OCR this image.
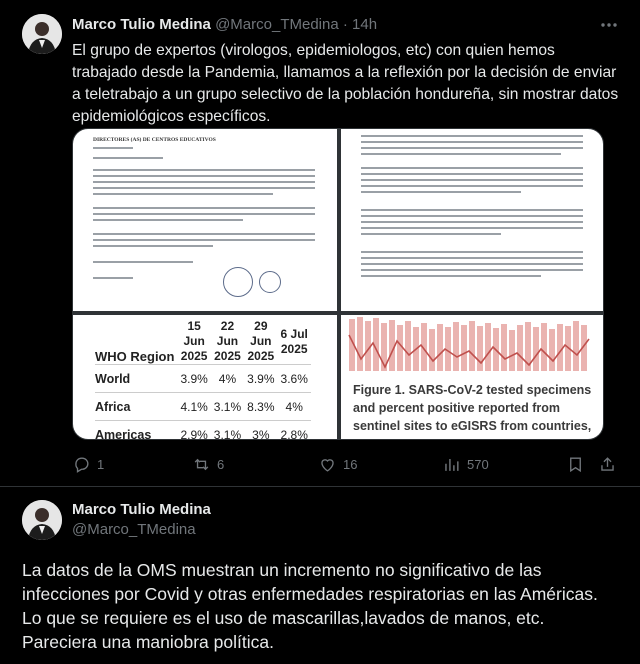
Marco Tulio Medina @Marco_TMedina · 14h
El grupo de expertos (virologos, epidemiologos, etc) con quien hemos trabajado desde la Pandemia, llamamos a la reflexión por la decisión de enviar a teletrabajo a un grupo selectivo de la población hondureña, sin mostrar datos epidemiológicos específicos.
DIRECTORES (AS) DE CENTROS EDUCATIVOS
WHO Region	15
Jun
2025	22
Jun
2025	29
Jun
2025	6 Jul
2025
World	3.9%	4%	3.9%	3.6%
Africa	4.1%	3.1%	8.3%	4%
Americas	2.9%	3.1%	3%	2.8%

Figure 1. SARS-CoV-2 tested specimens and percent positive reported from sentinel sites to eGISRS from countries,
1	6	16	570
Marco Tulio Medina
@Marco_TMedina
La datos de la OMS muestran un incremento no significativo de las infecciones por Covid y otras enfermedades respiratorias en las Américas. Lo que se requiere es el uso de mascarillas,lavados de manos, etc. Pareciera una maniobra política.
